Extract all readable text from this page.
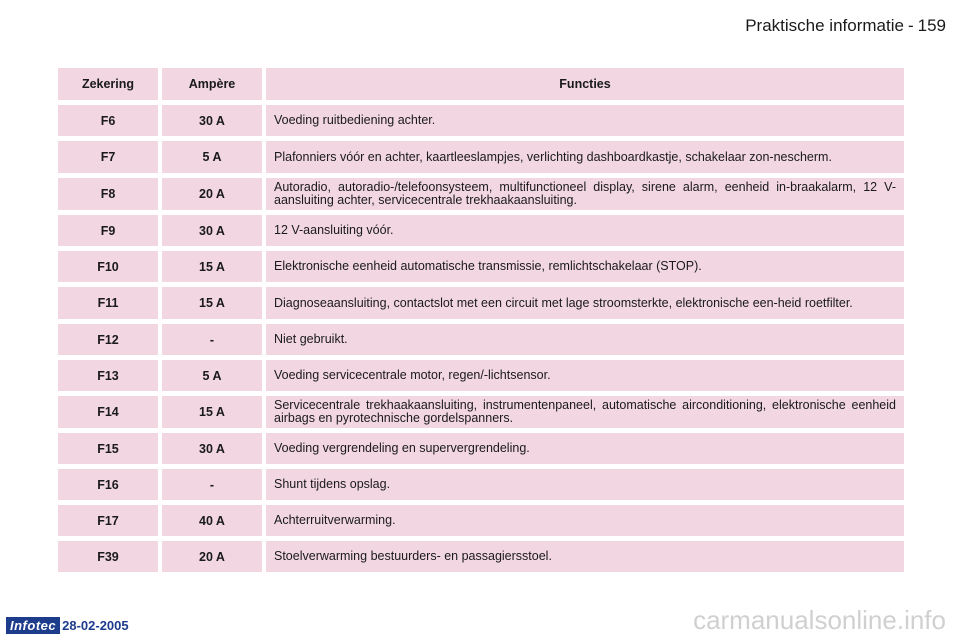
Praktische informatie - 159
Zekering	Ampère	Functies
F6	30 A	Voeding ruitbediening achter.
F7	5 A	Plafonniers vóór en achter, kaartleeslampjes, verlichting dashboardkastje, schakelaar zon-nescherm.
F8	20 A	Autoradio, autoradio-/telefoonsysteem, multifunctioneel display, sirene alarm, eenheid in-braakalarm, 12 V-aansluiting achter, servicecentrale trekhaakaansluiting.
F9	30 A	12 V-aansluiting vóór.
F10	15 A	Elektronische eenheid automatische transmissie, remlichtschakelaar (STOP).
F11	15 A	Diagnoseaansluiting, contactslot met een circuit met lage stroomsterkte, elektronische een-heid roetfilter.
F12	-	Niet gebruikt.
F13	5 A	Voeding servicecentrale motor, regen/-lichtsensor.
F14	15 A	Servicecentrale trekhaakaansluiting, instrumentenpaneel, automatische airconditioning, elektronische eenheid airbags en pyrotechnische gordelspanners.
F15	30 A	Voeding vergrendeling en supervergrendeling.
F16	-	Shunt tijdens opslag.
F17	40 A	Achterruitverwarming.
F39	20 A	Stoelverwarming bestuurders- en passagiersstoel.
Infotec 28-02-2005	carmanualsonline.info
